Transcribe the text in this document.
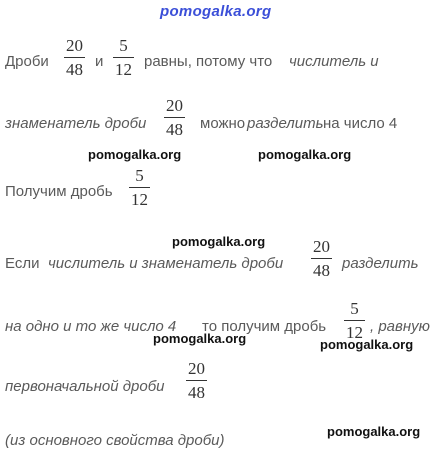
pomogalka.org
Дроби
20
48 и
5
12 равны, потому что числитель и
знаменатель дроби
20
48 можно разделить на число 4
pomogalka.org	pomogalka.org
Получим дробь
5
12
pomogalka.org
Если числитель и знаменатель дроби
20
48 разделить
на одно и то же число 4 то получим дробь
5
12 , равную
pomogalka.org	pomogalka.org
первоначальной дроби
20
48
pomogalka.org
(из основного свойства дроби)
